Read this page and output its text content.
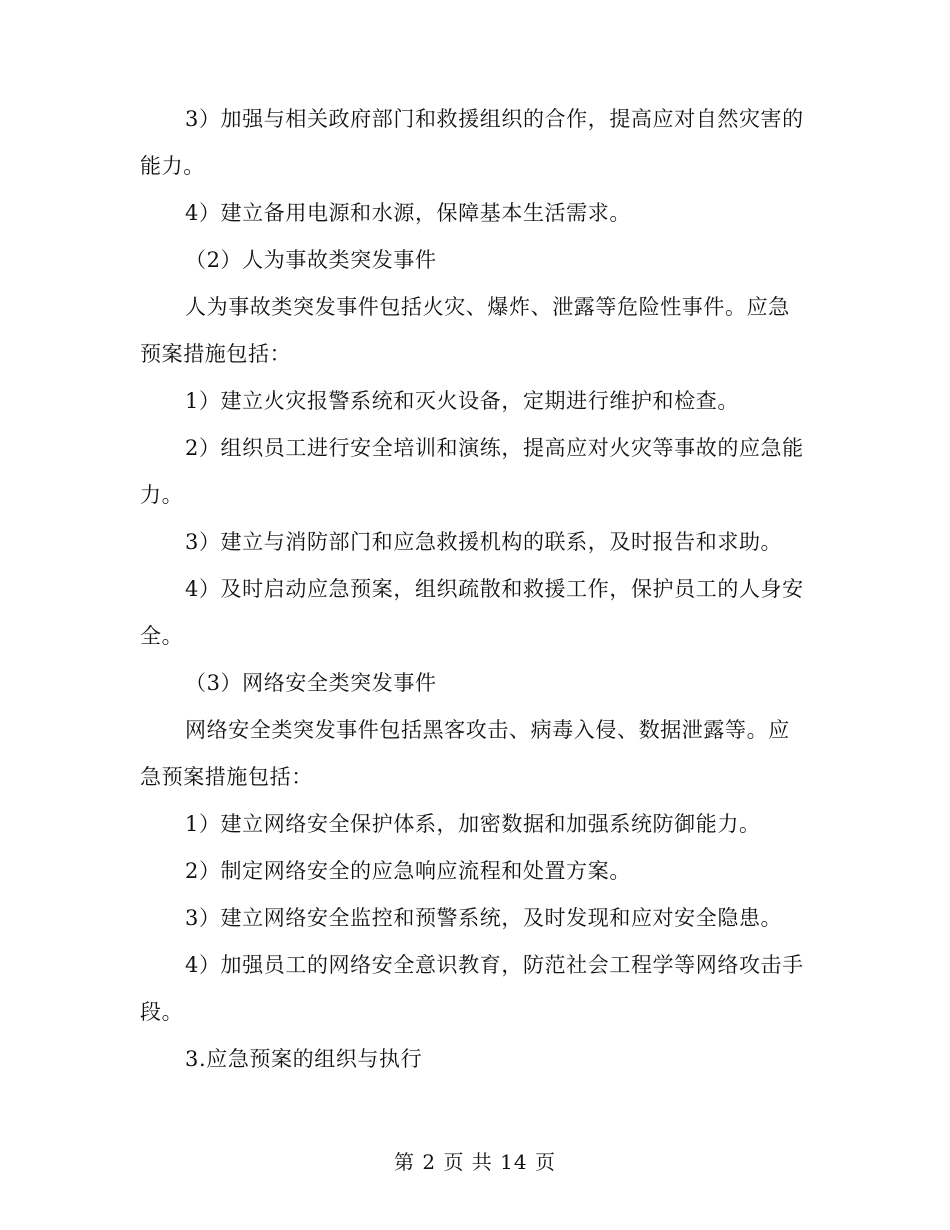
3）加强与相关政府部门和救援组织的合作，提高应对自然灾害的能力。

4）建立备用电源和水源，保障基本生活需求。

（2）人为事故类突发事件

人为事故类突发事件包括火灾、爆炸、泄露等危险性事件。应急预案措施包括：

1）建立火灾报警系统和灭火设备，定期进行维护和检查。

2）组织员工进行安全培训和演练，提高应对火灾等事故的应急能力。

3）建立与消防部门和应急救援机构的联系，及时报告和求助。

4）及时启动应急预案，组织疏散和救援工作，保护员工的人身安全。

（3）网络安全类突发事件

网络安全类突发事件包括黑客攻击、病毒入侵、数据泄露等。应急预案措施包括：

1）建立网络安全保护体系，加密数据和加强系统防御能力。

2）制定网络安全的应急响应流程和处置方案。

3）建立网络安全监控和预警系统，及时发现和应对安全隐患。

4）加强员工的网络安全意识教育，防范社会工程学等网络攻击手段。

3.应急预案的组织与执行

第 2 页 共 14 页
